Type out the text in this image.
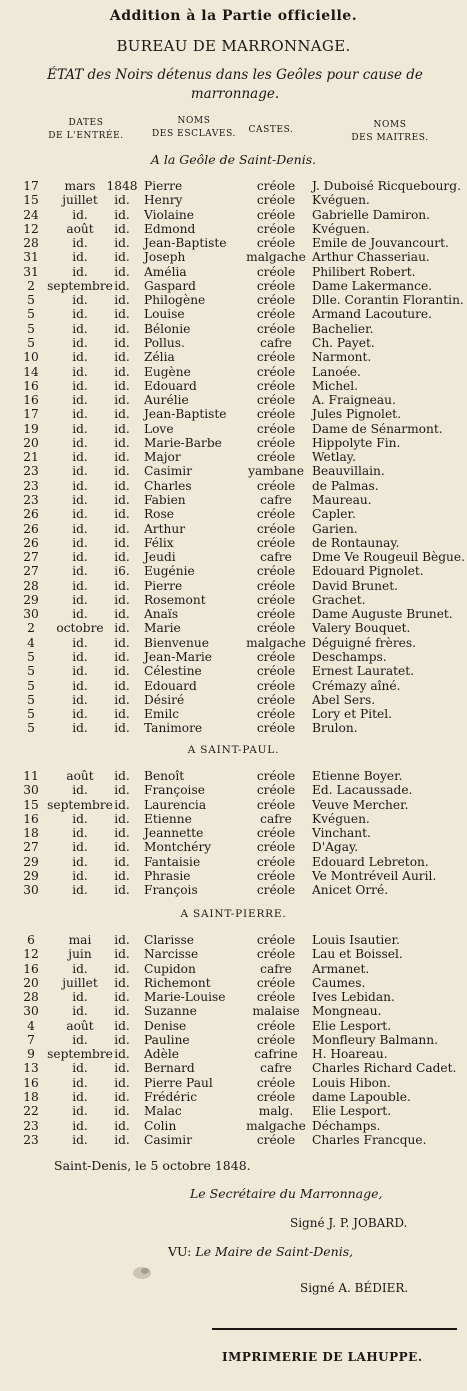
Addition à la Partie officielle.
BUREAU DE MARRONNAGE.
ÉTAT des Noirs détenus dans les Geôles pour cause de marronnage.
DATES
DE L'ENTRÉE.
NOMS
DES ESCLAVES.	CASTES.	NOMS
DES MAITRES.
A la Geôle de Saint-Denis.
17	mars 1848 Pierre	créole	J. Duboisé Ricquebourg.
15	juillet	id.	Henry	créole	Kvéguen.
24	id.	id.	Violaine	créole	Gabrielle Damiron.
12	août	id.	Edmond	créole	Kvéguen.
28	id.	id.	Jean-Baptiste	créole	Emile de Jouvancourt.
31	id.	id.	Joseph	malgache Arthur Chasseriau.
31	id.	id.	Amélia	créole	Philibert Robert.
2	septembre id.	Gaspard	créole	Dame Lakermance.
5	id.	id.	Philogène	créole	Dlle. Corantin Florantin.
5	id.	id.	Louise	créole	Armand Lacouture.
5	id.	id.	Bélonie	créole	Bachelier.
5	id.	id.	Pollus.	cafre	Ch. Payet.
10	id.	id.	Zélia	créole	Narmont.
14	id.	id.	Eugène	créole	Lanoée.
16	id.	id.	Edouard	créole	Michel.
16	id.	id.	Aurélie	créole	A. Fraigneau.
17	id.	id.	Jean-Baptiste	créole	Jules Pignolet.
19	id.	id.	Love	créole	Dame de Sénarmont.
20	id.	id.	Marie-Barbe	créole	Hippolyte Fin.
21	id.	id.	Major	créole	Wetlay.
23	id.	id.	Casimir	yambane Beauvillain.
23	id.	id.	Charles	créole	de Palmas.
23	id.	id.	Fabien	cafre	Maureau.
26	id.	id.	Rose	créole	Capler.
26	id.	id.	Arthur	créole	Garien.
26	id.	id.	Félix	créole	de Rontaunay.
27	id.	id.	Jeudi	cafre	Dme Ve Rougeuil Bègue.
27	id.	i6.	Eugénie	créole	Edouard Pignolet.
28	id.	id.	Pierre	créole	David Brunet.
29	id.	id.	Rosemont	créole	Grachet.
30	id.	id.	Anaïs	créole	Dame Auguste Brunet.
2	octobre id.	Marie	créole	Valery Bouquet.
4	id.	id.	Bienvenue	malgache Déguigné frères.
5	id.	id.	Jean-Marie	créole	Deschamps.
5	id.	id.	Célestine	créole	Ernest Lauratet.
5	id.	id.	Edouard	créole	Crémazy aîné.
5	id.	id.	Désiré	créole	Abel Sers.
5	id.	id.	Emilc	créole	Lory et Pitel.
5	id.	id.	Tanimore	créole	Brulon.
A SAINT-PAUL.
11	août	id.	Benoît	créole	Etienne Boyer.
30	id.	id.	Françoise	créole	Ed. Lacaussade.
15 septembre id.	Laurencia	créole	Veuve Mercher.
16	id.	id.	Etienne	cafre	Kvéguen.
18	id.	id.	Jeannette	créole	Vinchant.
27	id.	id.	Montchéry	créole	D'Agay.
29	id.	id.	Fantaisie	créole	Edouard Lebreton.
29	id.	id.	Phrasie	créole	Ve Montréveil Auril.
30	id.	id.	François	créole	Anicet Orré.
A SAINT-PIERRE.
6	mai	id.	Clarisse	créole	Louis Isautier.
12	juin	id.	Narcisse	créole	Lau et Boissel.
16	id.	id.	Cupidon	cafre	Armanet.
20	juillet	id.	Richemont	créole	Caumes.
28	id.	id.	Marie-Louise	créole	Ives Lebidan.
30	id.	id.	Suzanne	malaise	Mongneau.
4	août	id.	Denise	créole	Elie Lesport.
7	id.	id.	Pauline	créole	Monfleury Balmann.
9	septembre id.	Adèle	cafrine	H. Hoareau.
13	id.	id.	Bernard	cafre	Charles Richard Cadet.
16	id.	id.	Pierre Paul	créole	Louis Hibon.
18	id.	id.	Frédéric	créole	dame Lapouble.
22	id.	id.	Malac	malg.	Elie Lesport.
23	id.	id.	Colin	malgache Déchamps.
23	id.	id.	Casimir	créole	Charles Francque.
Saint-Denis, le 5 octobre 1848.
Le Secrétaire du Marronnage,
Signé J. P. JOBARD.
VU: Le Maire de Saint-Denis,
Signé A. BÉDIER.
IMPRIMERIE DE LAHUPPE.
